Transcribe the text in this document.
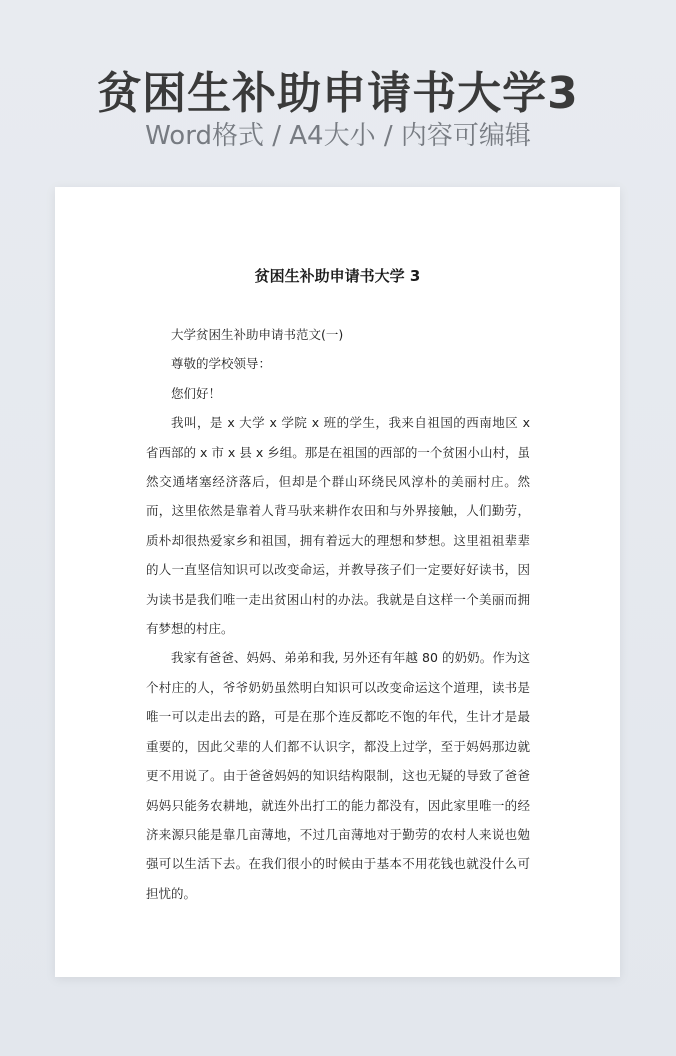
贫困生补助申请书大学3
Word格式 / A4大小 / 内容可编辑
贫困生补助申请书大学 3

大学贫困生补助申请书范文(一)

尊敬的学校领导：

您们好！

我叫，是 x 大学 x 学院 x 班的学生，我来自祖国的西南地区 x 省西部的 x 市 x 县 x 乡组。那是在祖国的西部的一个贫困小山村，虽然交通堵塞经济落后，但却是个群山环绕民风淳朴的美丽村庄。然而，这里依然是靠着人背马驮来耕作农田和与外界接触，人们勤劳，质朴却很热爱家乡和祖国，拥有着远大的理想和梦想。这里祖祖辈辈的人一直坚信知识可以改变命运，并教导孩子们一定要好好读书，因为读书是我们唯一走出贫困山村的办法。我就是自这样一个美丽而拥有梦想的村庄。

我家有爸爸、妈妈、弟弟和我, 另外还有年越 80 的奶奶。作为这个村庄的人，爷爷奶奶虽然明白知识可以改变命运这个道理，读书是唯一可以走出去的路，可是在那个连反都吃不饱的年代，生计才是最重要的，因此父辈的人们都不认识字，都没上过学，至于妈妈那边就更不用说了。由于爸爸妈妈的知识结构限制，这也无疑的导致了爸爸妈妈只能务农耕地，就连外出打工的能力都没有，因此家里唯一的经济来源只能是靠几亩薄地，不过几亩薄地对于勤劳的农村人来说也勉强可以生活下去。在我们很小的时候由于基本不用花钱也就没什么可担忧的。
